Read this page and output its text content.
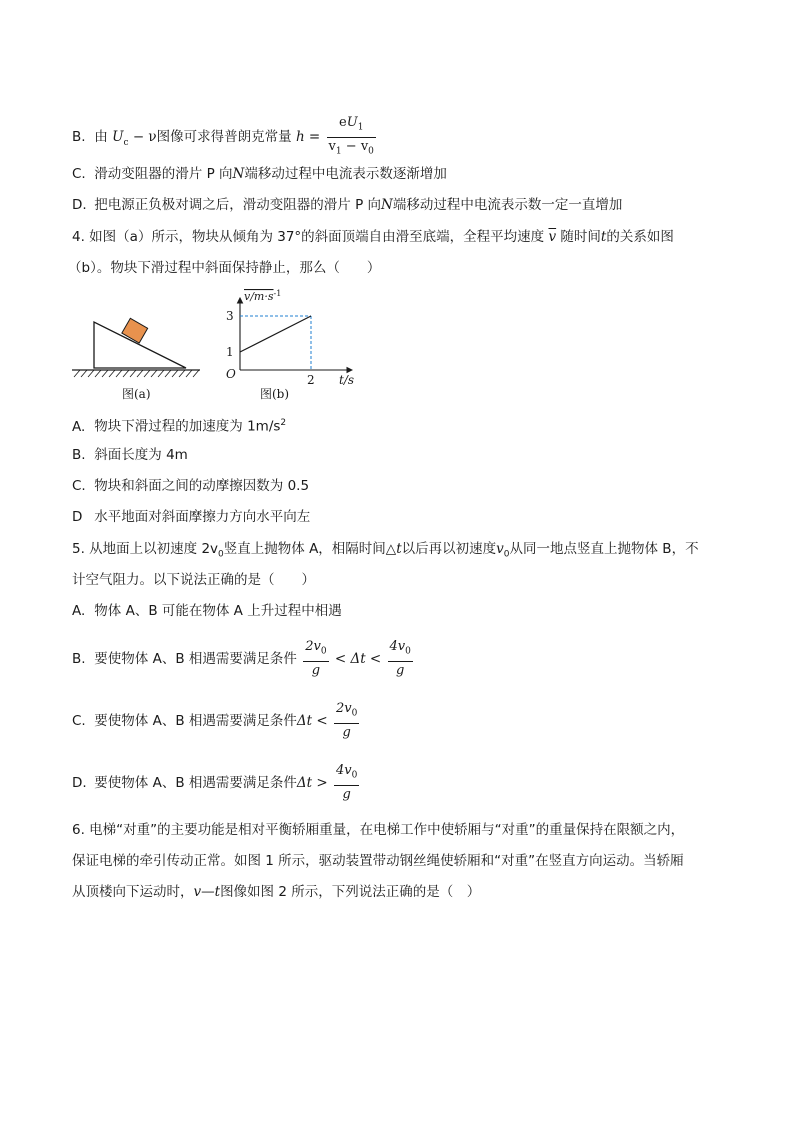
B. 由 $U_c - \nu$图像可求得普朗克常量 $h = \frac{eU_1}{v_1 - v_0}$
C. 滑动变阻器的滑片 P 向N端移动过程中电流表示数逐渐增加
D. 把电源正负极对调之后，滑动变阻器的滑片 P 向N端移动过程中电流表示数一定一直增加
4. 如图（a）所示，物块从倾角为 37°的斜面顶端自由滑至底端，全程平均速度 $\overline{v}$ 随时间t的关系如图
（b）。物块下滑过程中斜面保持静止，那么（　　）
图(a)
$v/m\cdot s^{-1}$
3
1
O	2 t/s
图(b)
A. 物块下滑过程的加速度为 $1m/s^2$
B. 斜面长度为 4m
C. 物块和斜面之间的动摩擦因数为 0.5
D 水平地面对斜面摩擦力方向水平向左
5. 从地面上以初速度 $2v_0$竖直上抛物体 A，相隔时间△t以后再以初速度$v_0$从同一地点竖直上抛物体 B，不
计空气阻力。以下说法正确的是（　　）
A. 物体 A、B 可能在物体 A 上升过程中相遇
B. 要使物体 A、B 相遇需要满足条件 $\frac{2v_0}{g} < \Delta t < \frac{4v_0}{g}$
C. 要使物体 A、B 相遇需要满足条件$\Delta t < \frac{2v_0}{g}$
D. 要使物体 A、B 相遇需要满足条件$\Delta t > \frac{4v_0}{g}$
6. 电梯“对重”的主要功能是相对平衡轿厢重量，在电梯工作中使轿厢与“对重”的重量保持在限额之内，
保证电梯的牵引传动正常。如图 1 所示，驱动装置带动钢丝绳使轿厢和“对重”在竖直方向运动。当轿厢
从顶楼向下运动时，v—t图像如图 2 所示，下列说法正确的是（　）
